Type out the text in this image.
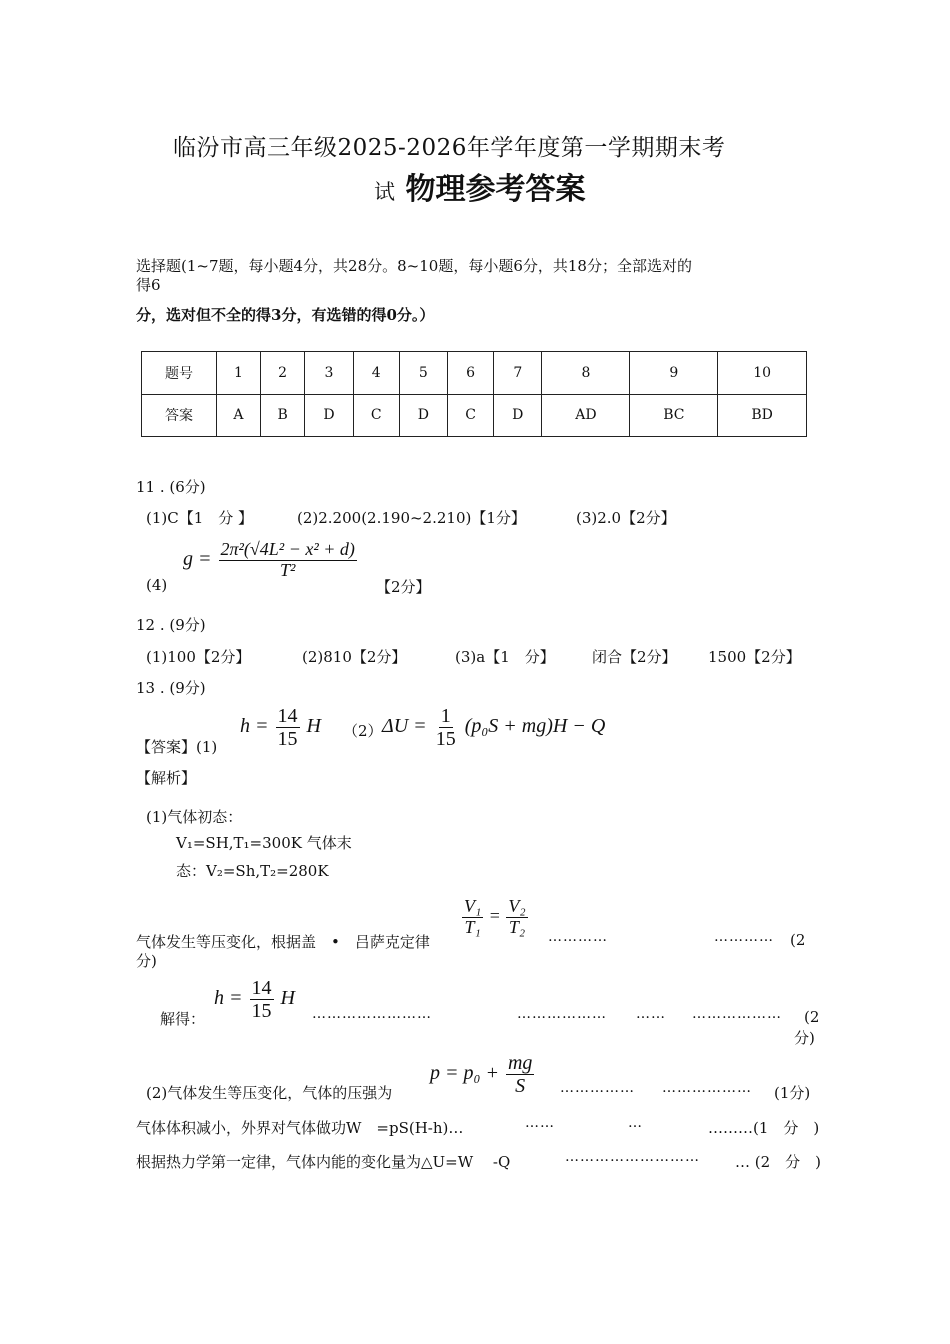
临汾市高三年级2025-2026年学年度第一学期期末考
试 物理参考答案
选择题(1~7题，每小题4分，共28分。8~10题，每小题6分，共18分；全部选对的
得6
分，选对但不全的得3分，有选错的得0分。）
题号	1	2	3	4	5	6	7	8	9	10
答案	A	B	D	C	D	C	D	AD	BC	BD
11 . (6分)
(1)C【1　分 】	(2)2.200(2.190~2.210)【1分】	(3)2.0【2分】
(4)
$g = \frac{\text{2π²(√4L² − x² + d)}}{\text{T²}}$
【2分】
12 . (9分)
(1)100【2分】	(2)810【2分】	(3)a【1　分】 闭合【2分】 1500【2分】
13 . (9分)
【答案】(1)
$h = \frac{14}{15}$ H （2） $\Delta U = \frac{1}{15} (p_0S + mg)H - Q$
【解析】
(1)气体初态：
V₁=SH,T₁=300K 气体末
态：V₂=Sh,T₂=280K
气体发生等压变化，根据盖　•　吕萨克定律
$\frac{\text{V₁}}{\text{T₁}} = \frac{\text{V₂}}{\text{T₂}}$ …………	………… (2
分)
解得：
$h = \frac{14}{15}$ H
……………………	……………… …… ……………… (2
分)
(2)气体发生等压变化，气体的压强为
$p = p_0 + \frac{mg}{S}$ …………… ……………… (1分)
气体体积减小，外界对气体做功W　=pS(H-h)…	……	…	………(1　分　)
根据热力学第一定律，气体内能的变化量为△U=W　 -Q	……………………… … (2　分　)
